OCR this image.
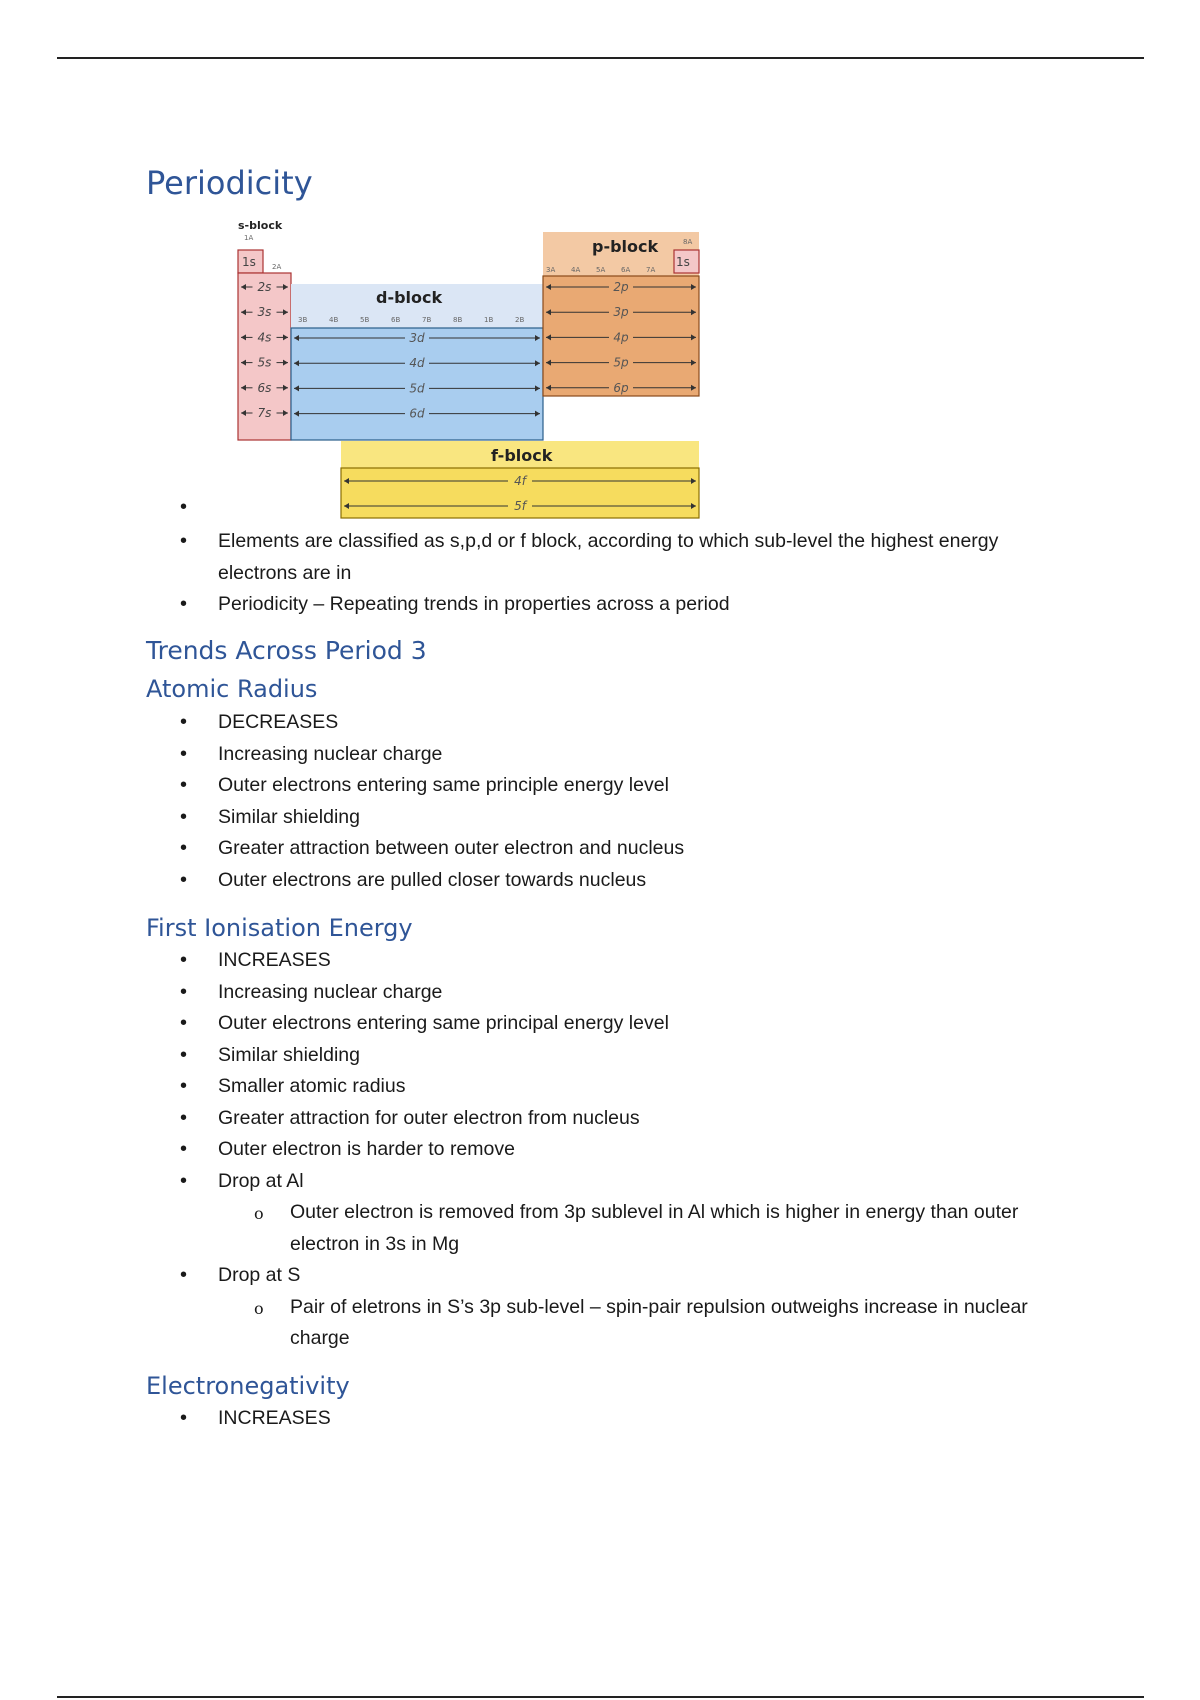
Periodicity
s-block
1A
2A
1s
2s
3s
4s
5s
6s
7s
d-block
3B	4B	5B	6B	7B	8B	1B	2B
3d
4d
5d
6d
p-block	8A
3A 4A 5A 6A 7A
1s
2p
3p
4p
5p
6p
f-block
4f
5f
•
• Elements are classified as s,p,d or f block, according to which sub-level the highest energy electrons are in
• Periodicity – Repeating trends in properties across a period
Trends Across Period 3
Atomic Radius
• DECREASES
• Increasing nuclear charge
• Outer electrons entering same principle energy level
• Similar shielding
• Greater attraction between outer electron and nucleus
• Outer electrons are pulled closer towards nucleus
First Ionisation Energy
• INCREASES
• Increasing nuclear charge
• Outer electrons entering same principal energy level
• Similar shielding
• Smaller atomic radius
• Greater attraction for outer electron from nucleus
• Outer electron is harder to remove
• Drop at Al
o Outer electron is removed from 3p sublevel in Al which is higher in energy than outer electron in 3s in Mg
• Drop at S
o Pair of eletrons in S’s 3p sub-level – spin-pair repulsion outweighs increase in nuclear charge
Electronegativity
• INCREASES
